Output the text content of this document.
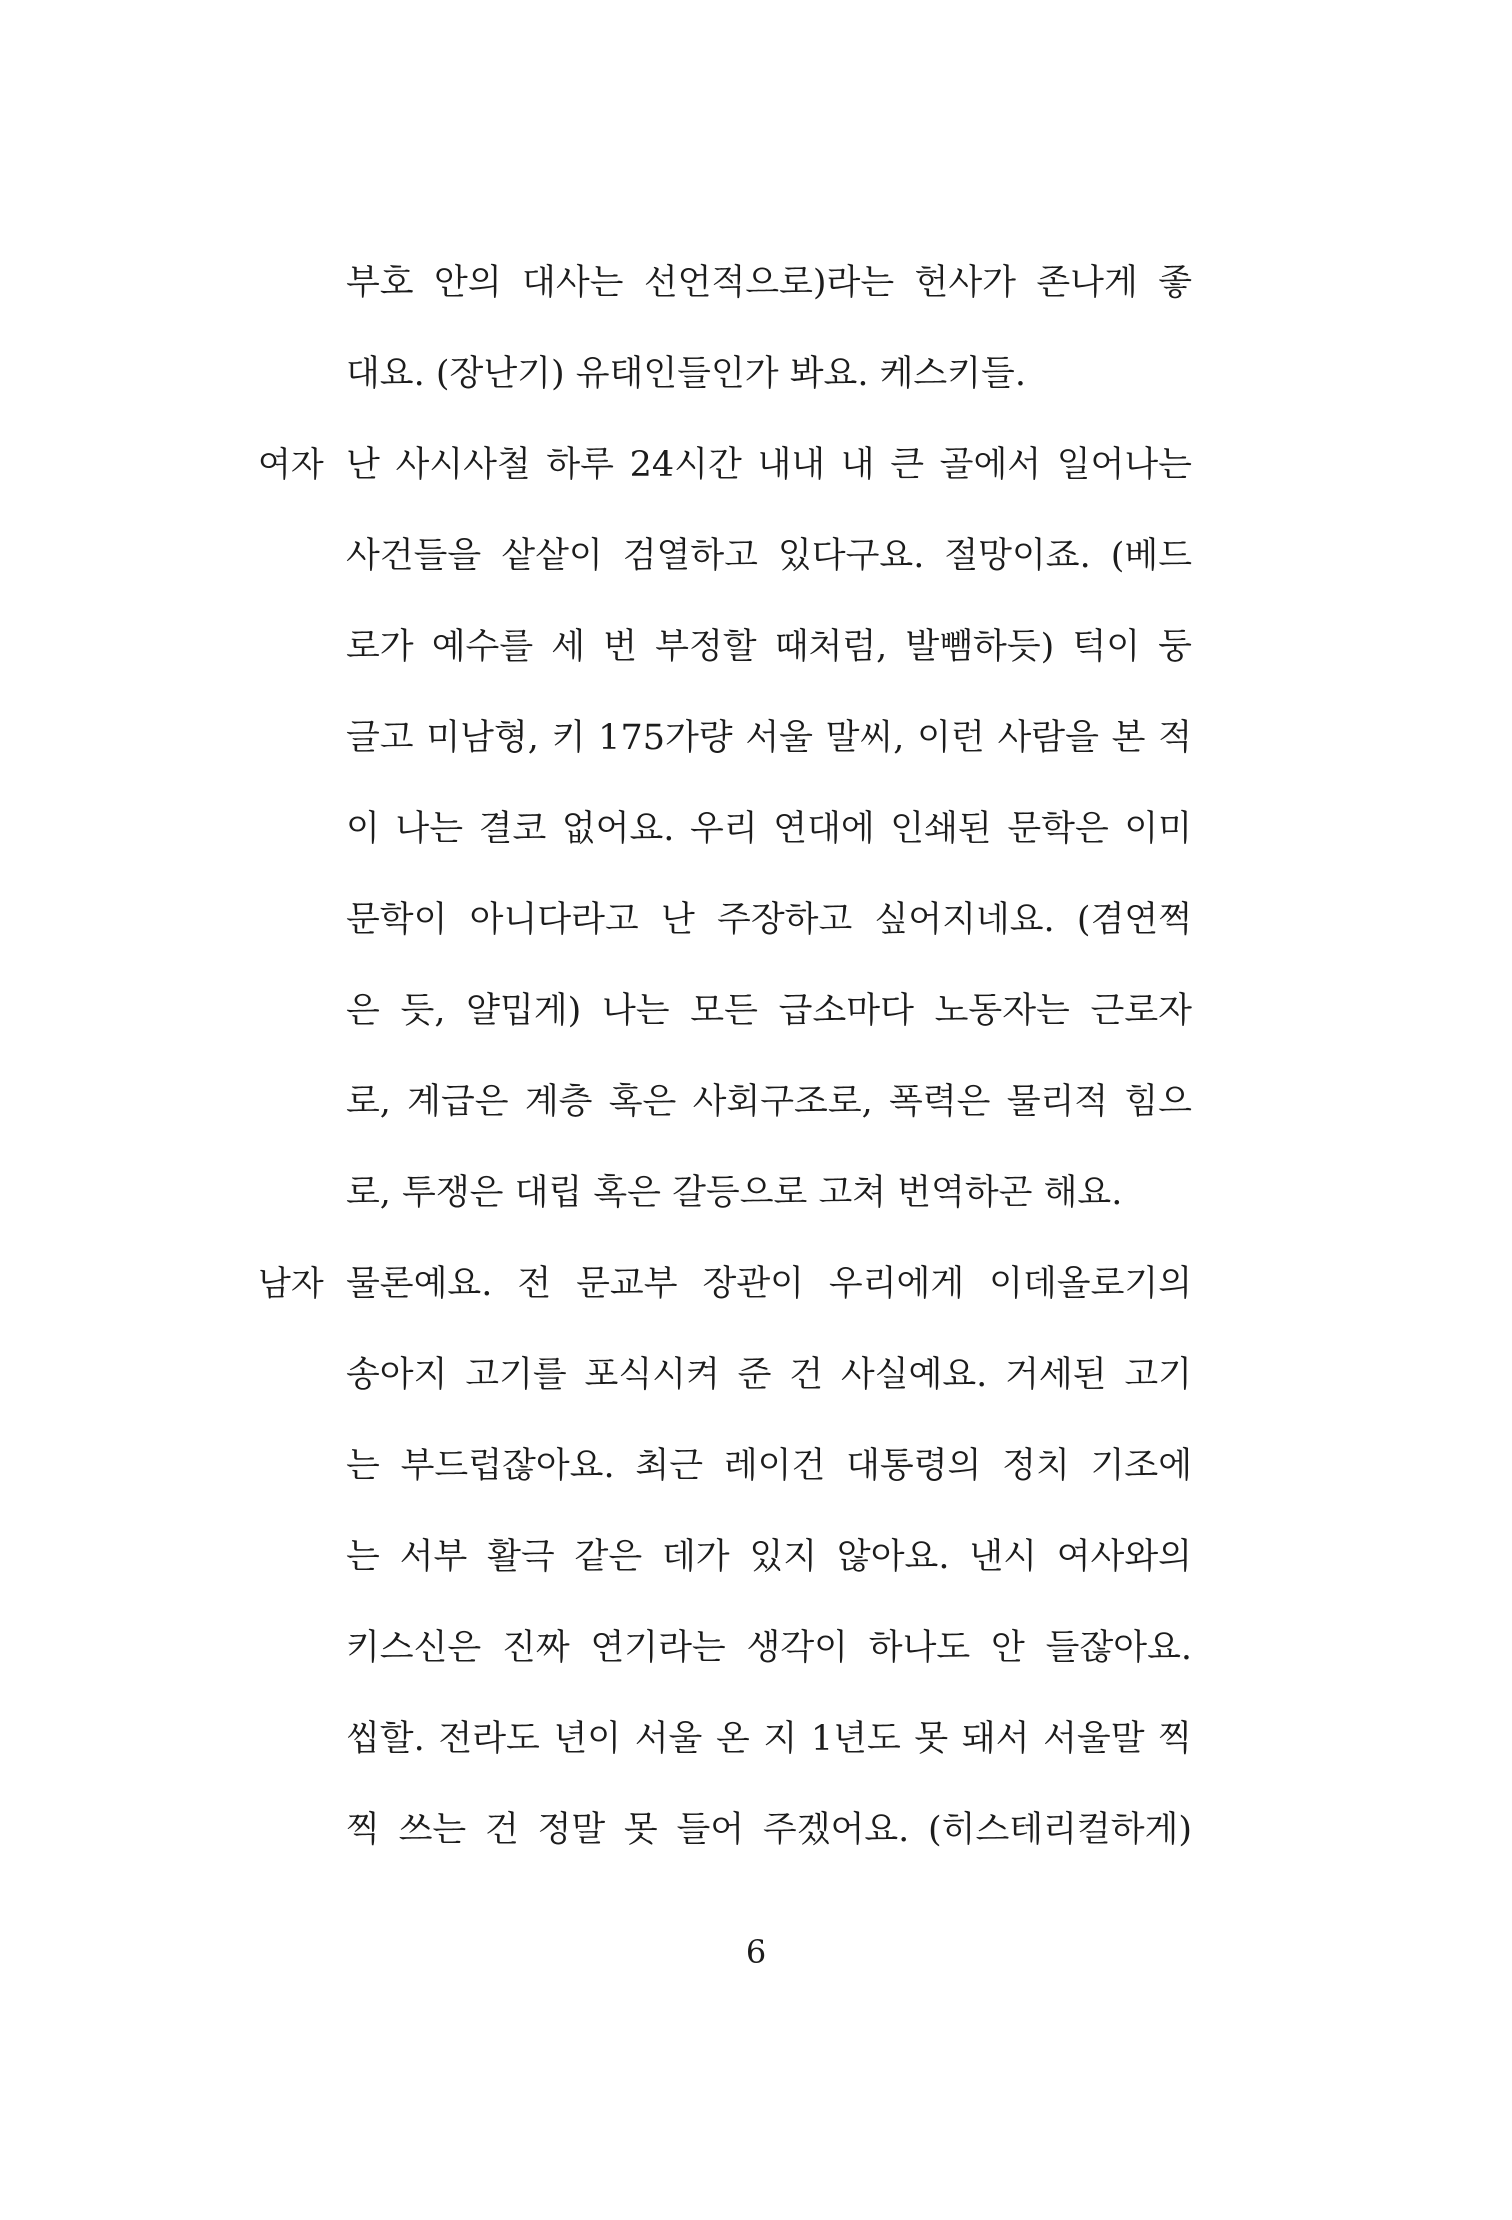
부호 안의 대사는 선언적으로)라는 헌사가 존나게 좋
대요. (장난기) 유태인들인가 봐요. 케스키들.
여자 난 사시사철 하루 24시간 내내 내 큰 골에서 일어나는
사건들을 샅샅이 검열하고 있다구요. 절망이죠. (베드
로가 예수를 세 번 부정할 때처럼, 발뺌하듯) 턱이 둥
글고 미남형, 키 175가량 서울 말씨, 이런 사람을 본 적
이 나는 결코 없어요. 우리 연대에 인쇄된 문학은 이미
문학이 아니다라고 난 주장하고 싶어지네요. (겸연쩍
은 듯, 얄밉게) 나는 모든 급소마다 노동자는 근로자
로, 계급은 계층 혹은 사회구조로, 폭력은 물리적 힘으
로, 투쟁은 대립 혹은 갈등으로 고쳐 번역하곤 해요.
남자 물론예요. 전 문교부 장관이 우리에게 이데올로기의
송아지 고기를 포식시켜 준 건 사실예요. 거세된 고기
는 부드럽잖아요. 최근 레이건 대통령의 정치 기조에
는 서부 활극 같은 데가 있지 않아요. 낸시 여사와의
키스신은 진짜 연기라는 생각이 하나도 안 들잖아요.
씹할. 전라도 년이 서울 온 지 1년도 못 돼서 서울말 찍
찍 쓰는 건 정말 못 들어 주겠어요. (히스테리컬하게)
6
